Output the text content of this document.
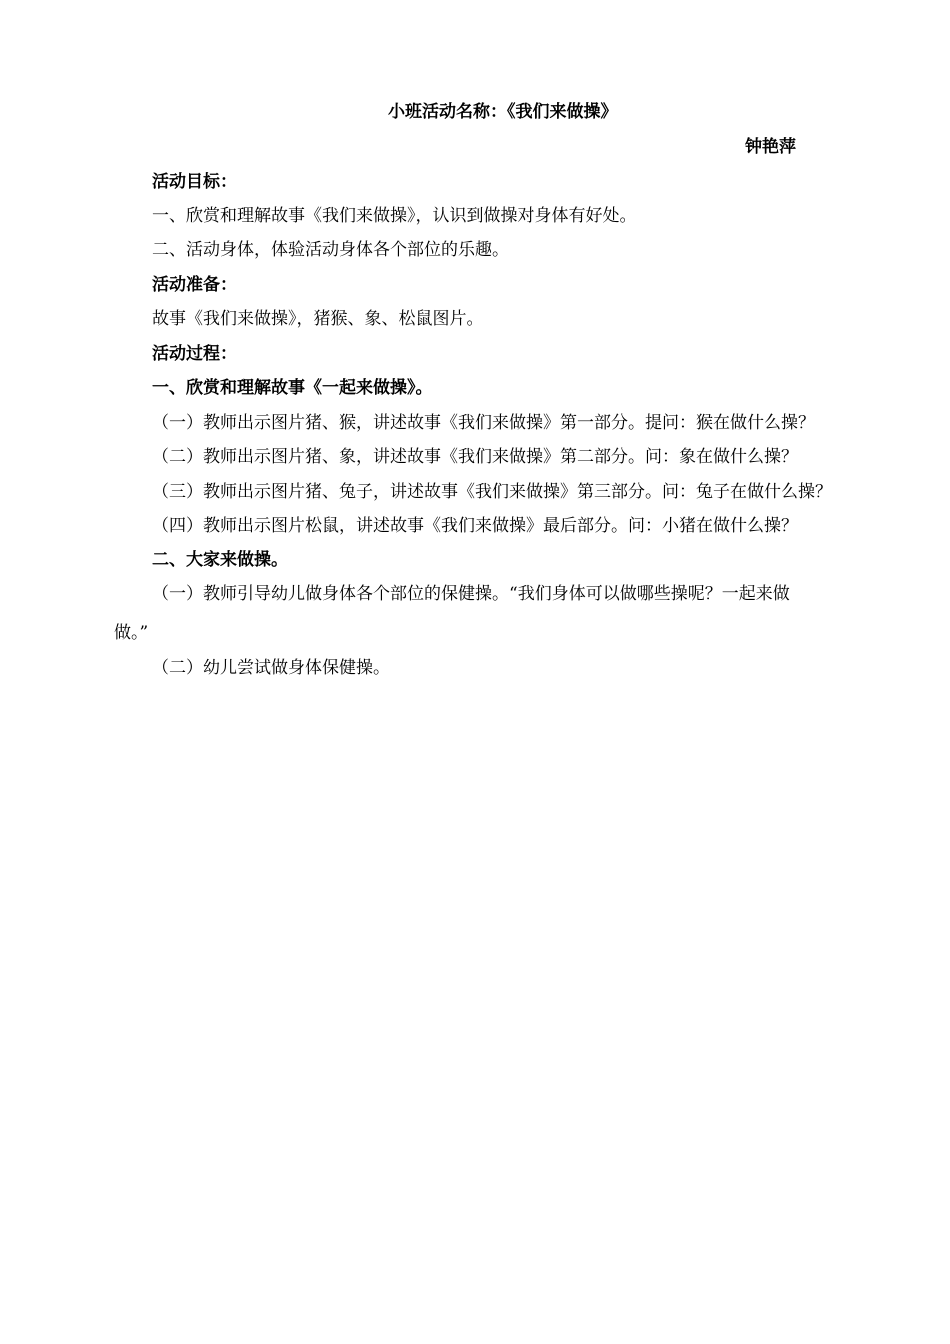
小班活动名称：《我们来做操》
钟艳萍
活动目标：
一、欣赏和理解故事《我们来做操》，认识到做操对身体有好处。
二、活动身体，体验活动身体各个部位的乐趣。
活动准备：
故事《我们来做操》，猪猴、象、松鼠图片。
活动过程：
一、欣赏和理解故事《一起来做操》。
（一）教师出示图片猪、猴，讲述故事《我们来做操》第一部分。提问：猴在做什么操？
（二）教师出示图片猪、象，讲述故事《我们来做操》第二部分。问：象在做什么操？
（三）教师出示图片猪、兔子，讲述故事《我们来做操》第三部分。问：兔子在做什么操？
（四）教师出示图片松鼠，讲述故事《我们来做操》最后部分。问：小猪在做什么操？
二、大家来做操。
（一）教师引导幼儿做身体各个部位的保健操。“我们身体可以做哪些操呢？一起来做
做。”
（二）幼儿尝试做身体保健操。
